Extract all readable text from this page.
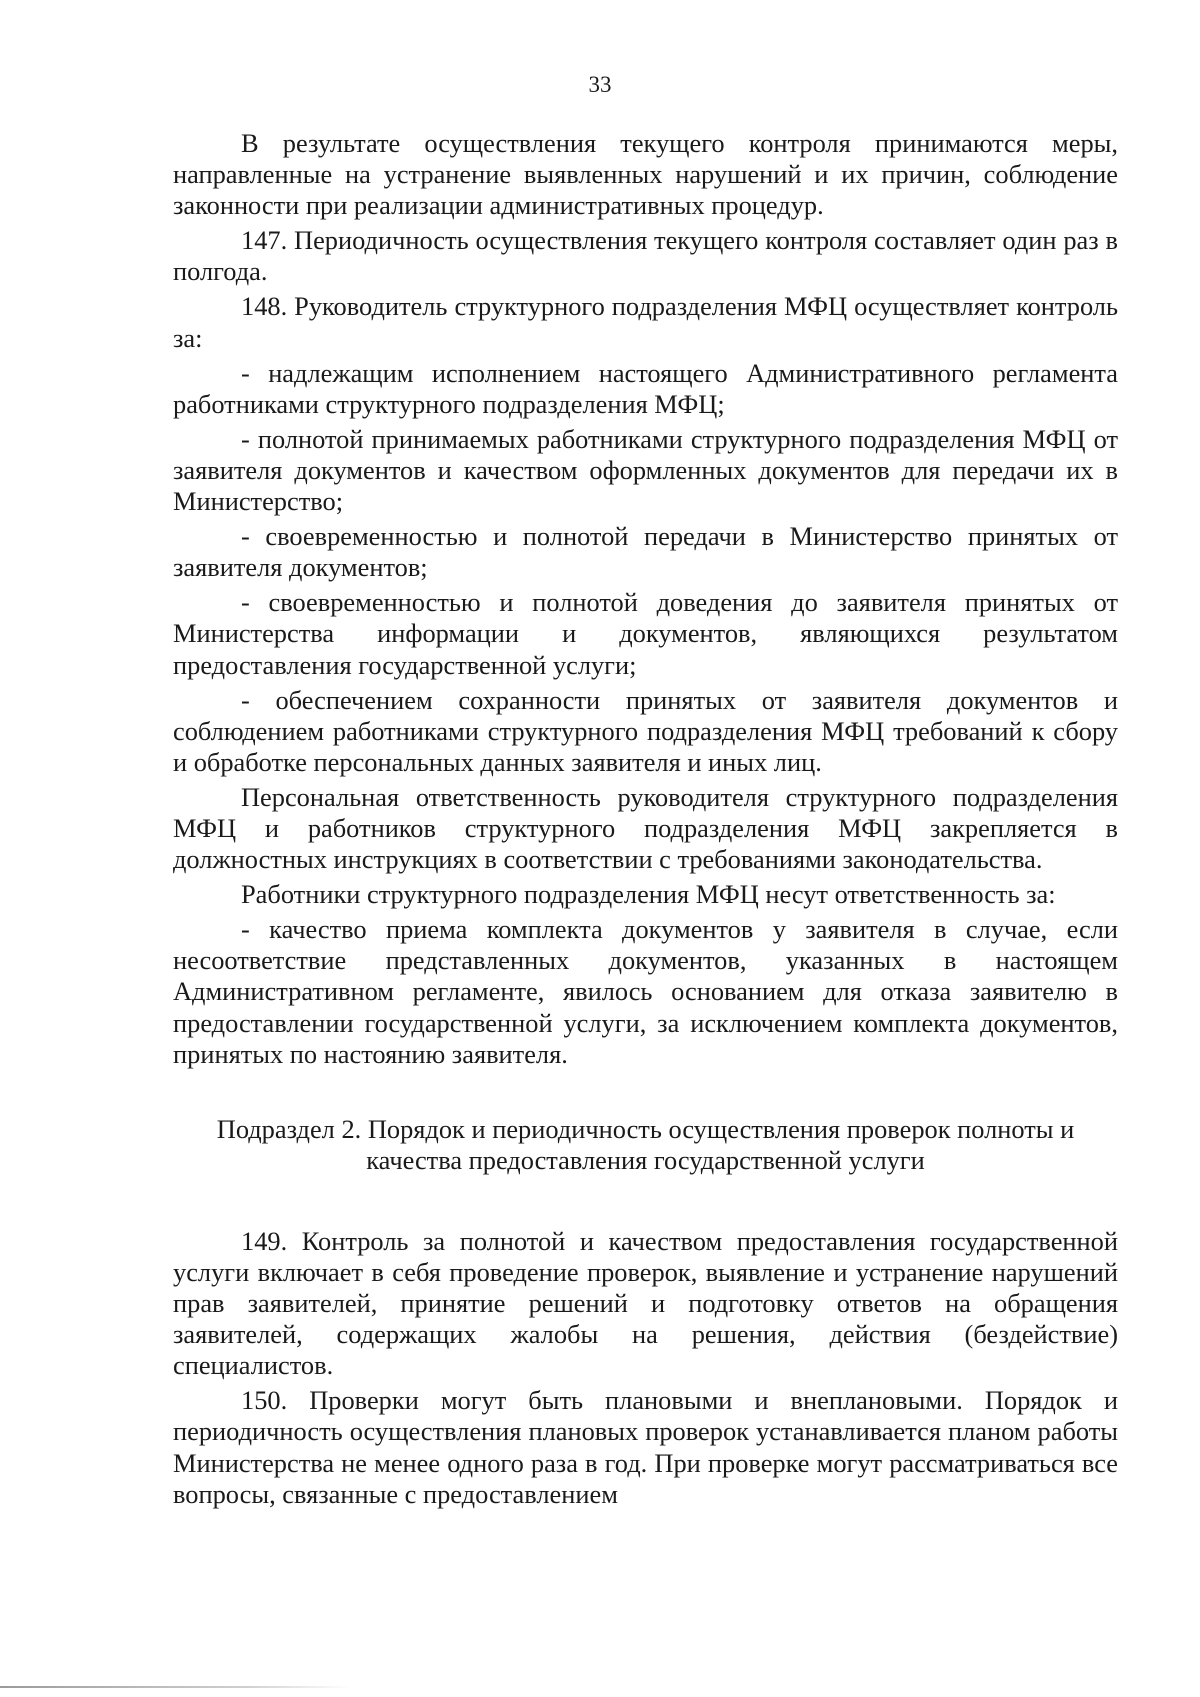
33

В результате осуществления текущего контроля принимаются меры, направленные на устранение выявленных нарушений и их причин, соблюдение законности при реализации административных процедур.

147. Периодичность осуществления текущего контроля составляет один раз в полгода.

148. Руководитель структурного подразделения МФЦ осуществляет контроль за:

- надлежащим исполнением настоящего Административного регламента работниками структурного подразделения МФЦ;

- полнотой принимаемых работниками структурного подразделения МФЦ от заявителя документов и качеством оформленных документов для передачи их в Министерство;

- своевременностью и полнотой передачи в Министерство принятых от заявителя документов;

- своевременностью и полнотой доведения до заявителя принятых от Министерства информации и документов, являющихся результатом предоставления государственной услуги;

- обеспечением сохранности принятых от заявителя документов и соблюдением работниками структурного подразделения МФЦ требований к сбору и обработке персональных данных заявителя и иных лиц.

Персональная ответственность руководителя структурного подразделения МФЦ и работников структурного подразделения МФЦ закрепляется в должностных инструкциях в соответствии с требованиями законодательства.

Работники структурного подразделения МФЦ несут ответственность за:

- качество приема комплекта документов у заявителя в случае, если несоответствие представленных документов, указанных в настоящем Административном регламенте, явилось основанием для отказа заявителю в предоставлении государственной услуги, за исключением комплекта документов, принятых по настоянию заявителя.

Подраздел 2. Порядок и периодичность осуществления проверок полноты и качества предоставления государственной услуги

149. Контроль за полнотой и качеством предоставления государственной услуги включает в себя проведение проверок, выявление и устранение нарушений прав заявителей, принятие решений и подготовку ответов на обращения заявителей, содержащих жалобы на решения, действия (бездействие) специалистов.

150. Проверки могут быть плановыми и внеплановыми. Порядок и периодичность осуществления плановых проверок устанавливается планом работы Министерства не менее одного раза в год. При проверке могут рассматриваться все вопросы, связанные с предоставлением
